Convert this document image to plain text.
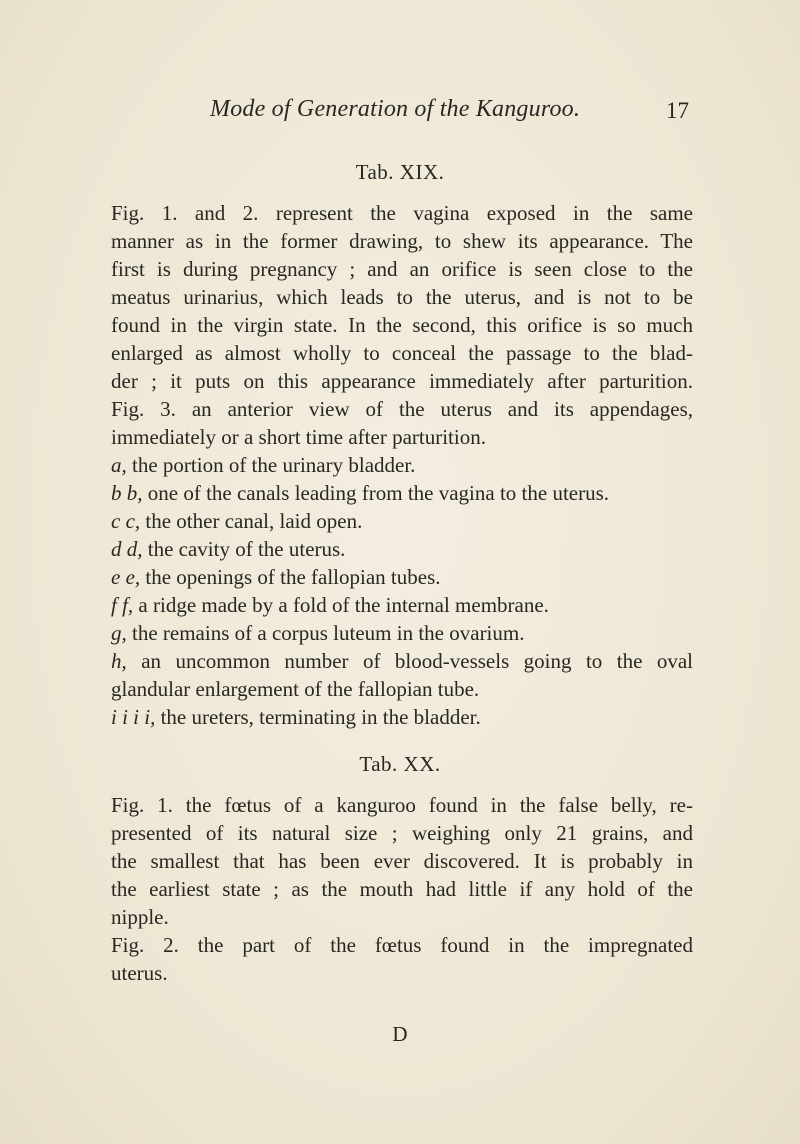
Mode of Generation of the Kanguroo.	17
Tab. XIX.
Fig. 1. and 2. represent the vagina exposed in the same
manner as in the former drawing, to shew its appearance. The
first is during pregnancy ; and an orifice is seen close to the
meatus urinarius, which leads to the uterus, and is not to be
found in the virgin state. In the second, this orifice is so much
enlarged as almost wholly to conceal the passage to the blad-
der ; it puts on this appearance immediately after parturition.
Fig. 3. an anterior view of the uterus and its appendages,
immediately or a short time after parturition.
a, the portion of the urinary bladder.
b b, one of the canals leading from the vagina to the uterus.
c c, the other canal, laid open.
d d, the cavity of the uterus.
e e, the openings of the fallopian tubes.
f f, a ridge made by a fold of the internal membrane.
g, the remains of a corpus luteum in the ovarium.
h, an uncommon number of blood-vessels going to the oval
glandular enlargement of the fallopian tube.
i i i i, the ureters, terminating in the bladder.
Tab. XX.
Fig. 1. the fœtus of a kanguroo found in the false belly, re-
presented of its natural size ; weighing only 21 grains, and
the smallest that has been ever discovered. It is probably in
the earliest state ; as the mouth had little if any hold of the
nipple.
Fig. 2. the part of the fœtus found in the impregnated
uterus.
D
